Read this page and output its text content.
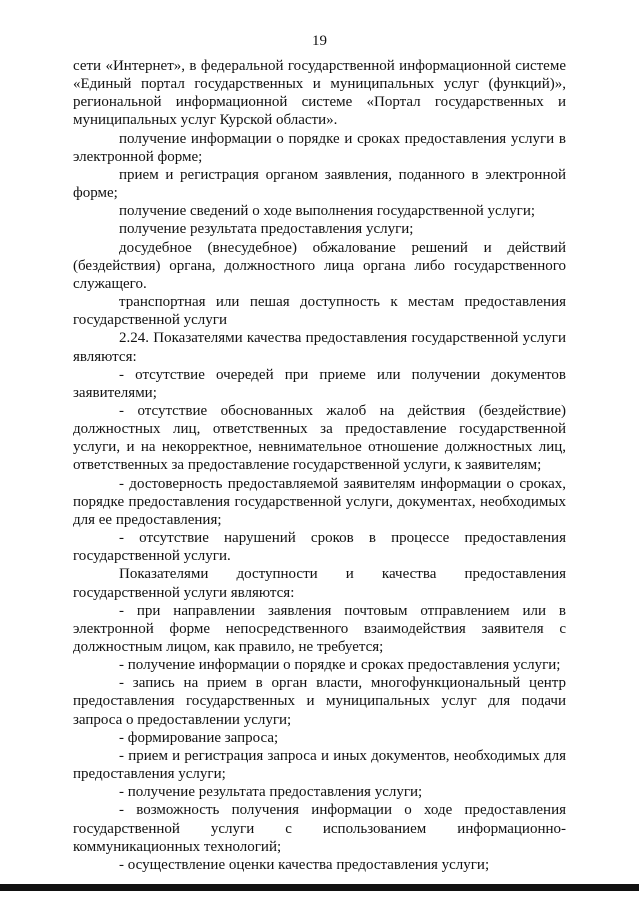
19

сети «Интернет», в федеральной государственной информационной системе «Единый портал государственных и муниципальных услуг (функций)», региональной информационной системе «Портал государственных и муниципальных услуг Курской области».

получение информации о порядке и сроках предоставления услуги в электронной форме;

прием и регистрация органом заявления, поданного в электронной форме;

получение сведений о ходе выполнения государственной услуги;

получение результата предоставления услуги;

досудебное (внесудебное) обжалование решений и действий (бездействия) органа, должностного лица органа либо государственного служащего.

транспортная или пешая доступность к местам предоставления государственной услуги

2.24. Показателями качества предоставления государственной услуги являются:

- отсутствие очередей при приеме или получении документов заявителями;

- отсутствие обоснованных жалоб на действия (бездействие) должностных лиц, ответственных за предоставление государственной услуги, и на некорректное, невнимательное отношение должностных лиц, ответственных за предоставление государственной услуги, к заявителям;

- достоверность предоставляемой заявителям информации о сроках, порядке предоставления государственной услуги, документах, необходимых для ее предоставления;

- отсутствие нарушений сроков в процессе предоставления государственной услуги.

Показателями доступности и качества предоставления государственной услуги являются:

- при направлении заявления почтовым отправлением или в электронной форме непосредственного взаимодействия заявителя с должностным лицом, как правило, не требуется;

- получение информации о порядке и сроках предоставления услуги;

- запись на прием в орган власти, многофункциональный центр предоставления государственных и муниципальных услуг для подачи запроса о предоставлении услуги;

- формирование запроса;

- прием и регистрация запроса и иных документов, необходимых для предоставления услуги;

- получение результата предоставления услуги;

- возможность получения информации о ходе предоставления государственной услуги с использованием информационно-коммуникационных технологий;

- осуществление оценки качества предоставления услуги;
